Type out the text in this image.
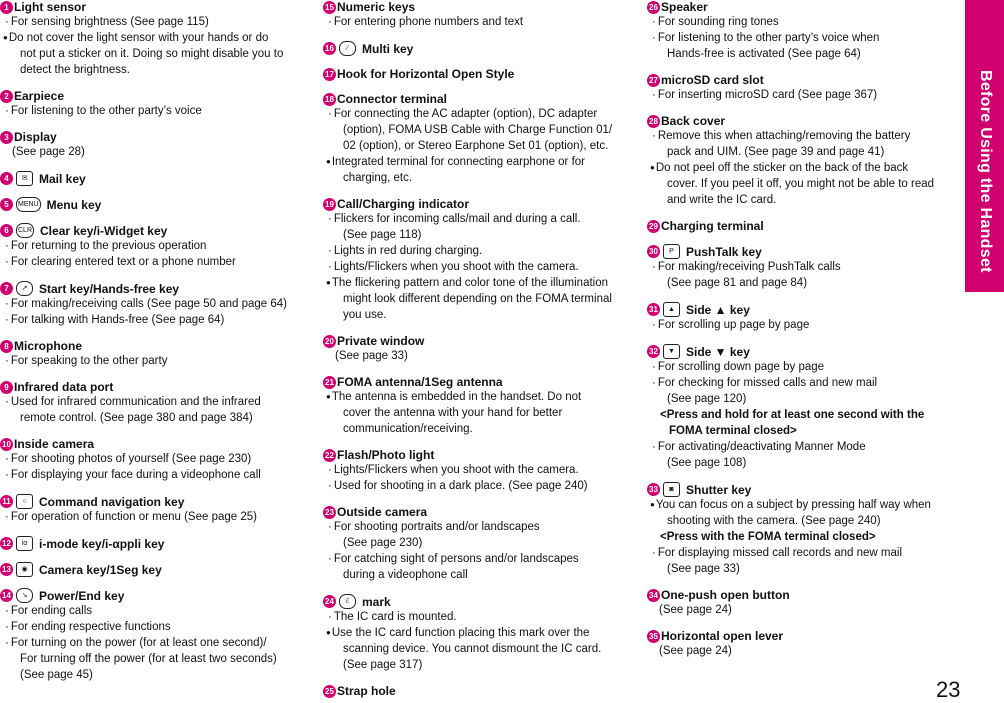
1 Light sensor

· For sensing brightness (See page 115)

● Do not cover the light sensor with your hands or do

not put a sticker on it. Doing so might disable you to

detect the brightness.

2 Earpiece

· For listening to the other party’s voice

3 Display

(See page 28)

4	✉ Mail key
5	MENU Menu key
6	CLR Clear key/i-Widget key

· For returning to the previous operation

· For clearing entered text or a phone number

7	↗ Start key/Hands-free key

· For making/receiving calls (See page 50 and page 64)

· For talking with Hands-free (See page 64)

8 Microphone

· For speaking to the other party

9 Infrared data port

· Used for infrared communication and the infrared

remote control. (See page 380 and page 384)

10 Inside camera

· For shooting photos of yourself (See page 230)

· For displaying your face during a videophone call

11	○	Command navigation key

· For operation of function or menu (See page 25)

12	iα i-mode key/i-αppli key
13	◉ Camera key/1Seg key
14	↘ Power/End key

· For ending calls

· For ending respective functions

· For turning on the power (for at least one second)/

For turning off the power (for at least two seconds)

(See page 45)

15 Numeric keys

· For entering phone numbers and text

16	⁄	Multi key
17 Hook for Horizontal Open Style
18 Connector terminal

· For connecting the AC adapter (option), DC adapter

(option), FOMA USB Cable with Charge Function 01/

02 (option), or Stereo Earphone Set 01 (option), etc.

● Integrated terminal for connecting earphone or for

charging, etc.

19 Call/Charging indicator

· Flickers for incoming calls/mail and during a call.

(See page 118)

· Lights in red during charging.

· Lights/Flickers when you shoot with the camera.

● The flickering pattern and color tone of the illumination

might look different depending on the FOMA terminal

you use.

20 Private window

(See page 33)

21 FOMA antenna/1Seg antenna

● The antenna is embedded in the handset. Do not

cover the antenna with your hand for better

communication/receiving.

22 Flash/Photo light

· Lights/Flickers when you shoot with the camera.

· Used for shooting in a dark place. (See page 240)

23 Outside camera

· For shooting portraits and/or landscapes

(See page 230)

· For catching sight of persons and/or landscapes

during a videophone call

24	ℰ	mark

· The IC card is mounted.

● Use the IC card function placing this mark over the

scanning device. You cannot dismount the IC card.

(See page 317)

25 Strap hole
26 Speaker

· For sounding ring tones

· For listening to the other party’s voice when

Hands-free is activated (See page 64)

27 microSD card slot

· For inserting microSD card (See page 367)

28 Back cover

· Remove this when attaching/removing the battery

pack and UIM. (See page 39 and page 41)

● Do not peel off the sticker on the back of the back

cover. If you peel it off, you might not be able to read

and write the IC card.

29 Charging terminal
30	P	PushTalk key

· For making/receiving PushTalk calls

(See page 81 and page 84)

31	▲ Side ▲ key

· For scrolling up page by page

32	▼ Side ▼ key

· For scrolling down page by page

· For checking for missed calls and new mail

(See page 120)

<Press and hold for at least one second with the

FOMA terminal closed>

· For activating/deactivating Manner Mode

(See page 108)

33	◙	Shutter key

● You can focus on a subject by pressing half way when

shooting with the camera. (See page 240)

<Press with the FOMA terminal closed>

· For displaying missed call records and new mail

(See page 33)

34 One-push open button

(See page 24)

35 Horizontal open lever

(See page 24)

Before Using the Handset
23
